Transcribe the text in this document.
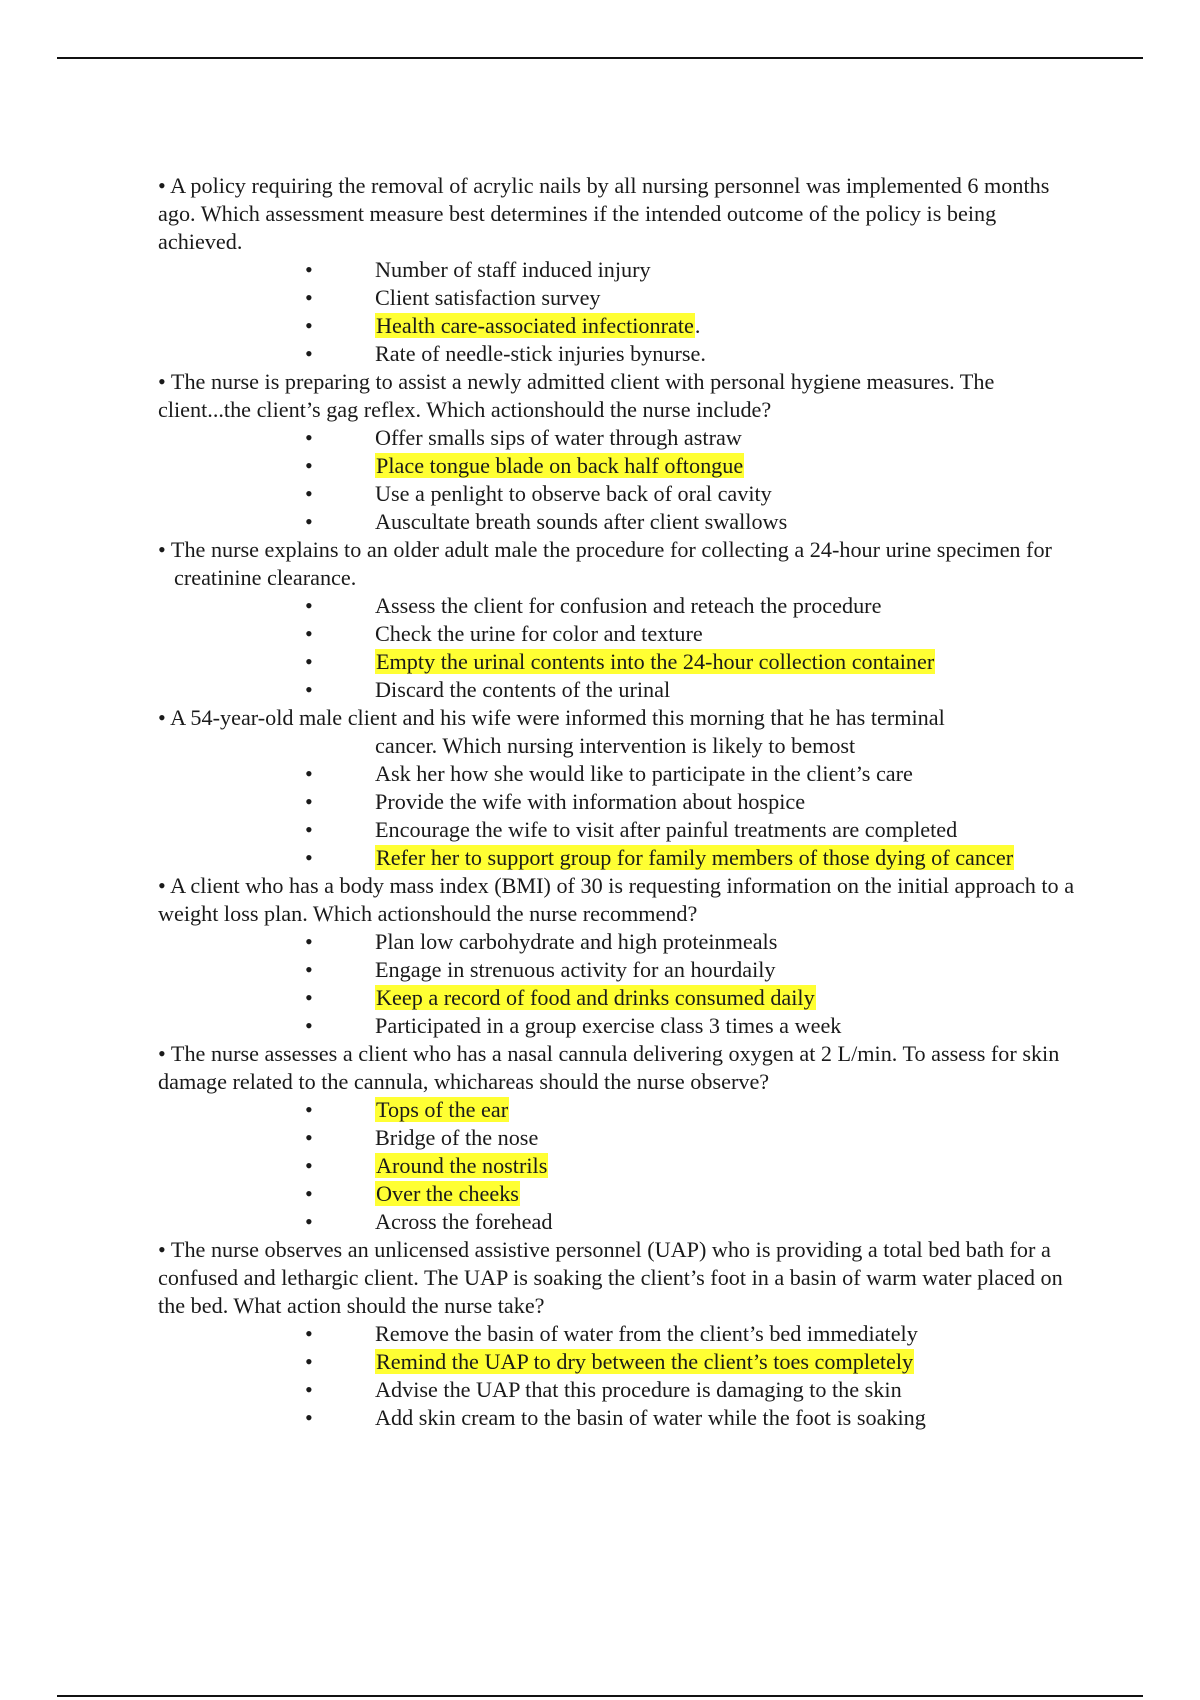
• A policy requiring the removal of acrylic nails by all nursing personnel was implemented 6 months ago. Which assessment measure best determines if the intended outcome of the policy is being achieved.

•	Number of staff induced injury
•	Client satisfaction survey
•	Health care-associated infectionrate.
•	Rate of needle-stick injuries bynurse.

• The nurse is preparing to assist a newly admitted client with personal hygiene measures. The client...the client’s gag reflex. Which actionshould the nurse include?

•	Offer smalls sips of water through astraw
•	Place tongue blade on back half oftongue
•	Use a penlight to observe back of oral cavity
•	Auscultate breath sounds after client swallows

• The nurse explains to an older adult male the procedure for collecting a 24-hour urine specimen for creatinine clearance.

•	Assess the client for confusion and reteach the procedure
•	Check the urine for color and texture
•	Empty the urinal contents into the 24-hour collection container
•	Discard the contents of the urinal

• A 54-year-old male client and his wife were informed this morning that he has terminal
cancer. Which nursing intervention is likely to bemost

•	Ask her how she would like to participate in the client’s care
•	Provide the wife with information about hospice
•	Encourage the wife to visit after painful treatments are completed
•	Refer her to support group for family members of those dying of cancer

• A client who has a body mass index (BMI) of 30 is requesting information on the initial approach to a weight loss plan. Which actionshould the nurse recommend?

•	Plan low carbohydrate and high proteinmeals
•	Engage in strenuous activity for an hourdaily
•	Keep a record of food and drinks consumed daily
•	Participated in a group exercise class 3 times a week

• The nurse assesses a client who has a nasal cannula delivering oxygen at 2 L/min. To assess for skin damage related to the cannula, whichareas should the nurse observe?

•	Tops of the ear
•	Bridge of the nose
•	Around the nostrils
•	Over the cheeks
•	Across the forehead

• The nurse observes an unlicensed assistive personnel (UAP) who is providing a total bed bath for a confused and lethargic client. The UAP is soaking the client’s foot in a basin of warm water placed on the bed. What action should the nurse take?

•	Remove the basin of water from the client’s bed immediately
•	Remind the UAP to dry between the client’s toes completely
•	Advise the UAP that this procedure is damaging to the skin
•	Add skin cream to the basin of water while the foot is soaking
